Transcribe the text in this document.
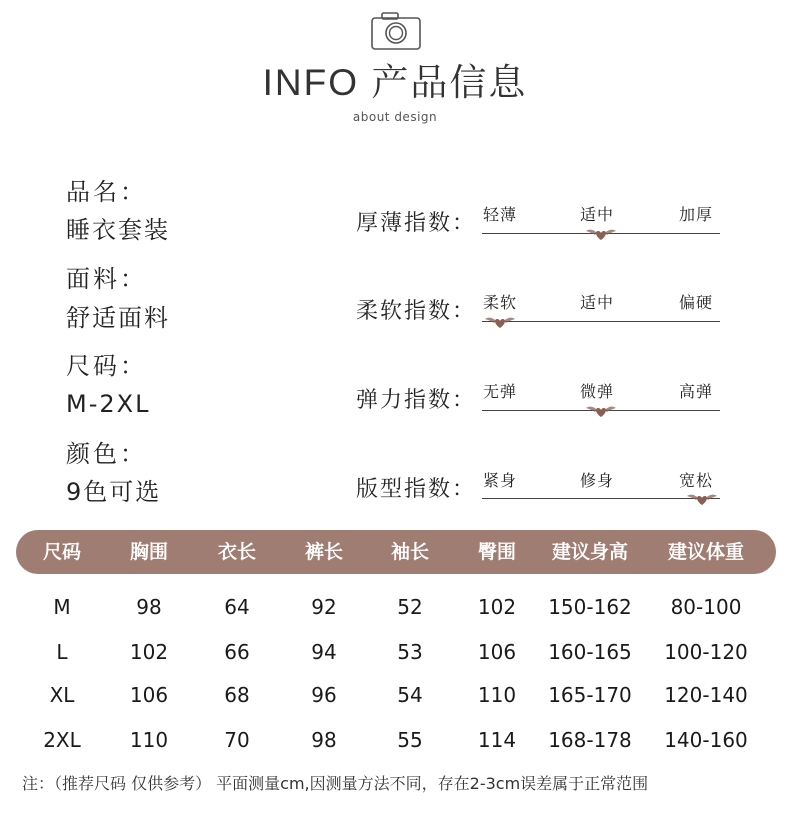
INFO 产品信息
about design
品名：
睡衣套装
面料：
舒适面料
尺码：
M-2XL
颜色：
9色可选
厚薄指数： 轻薄	适中	加厚
柔软指数： 柔软	适中	偏硬
弹力指数： 无弹	微弹	高弹
版型指数： 紧身	修身	宽松
尺码	胸围	衣长	裤长	袖长	臀围	建议身高	建议体重
M	98	64	92	52	102	150-162	80-100
L	102	66	94	53	106	160-165	100-120
XL	106	68	96	54	110	165-170	120-140
2XL	110	70	98	55	114	168-178	140-160
注：（推荐尺码 仅供参考） 平面测量cm,因测量方法不同，存在2-3cm误差属于正常范围
